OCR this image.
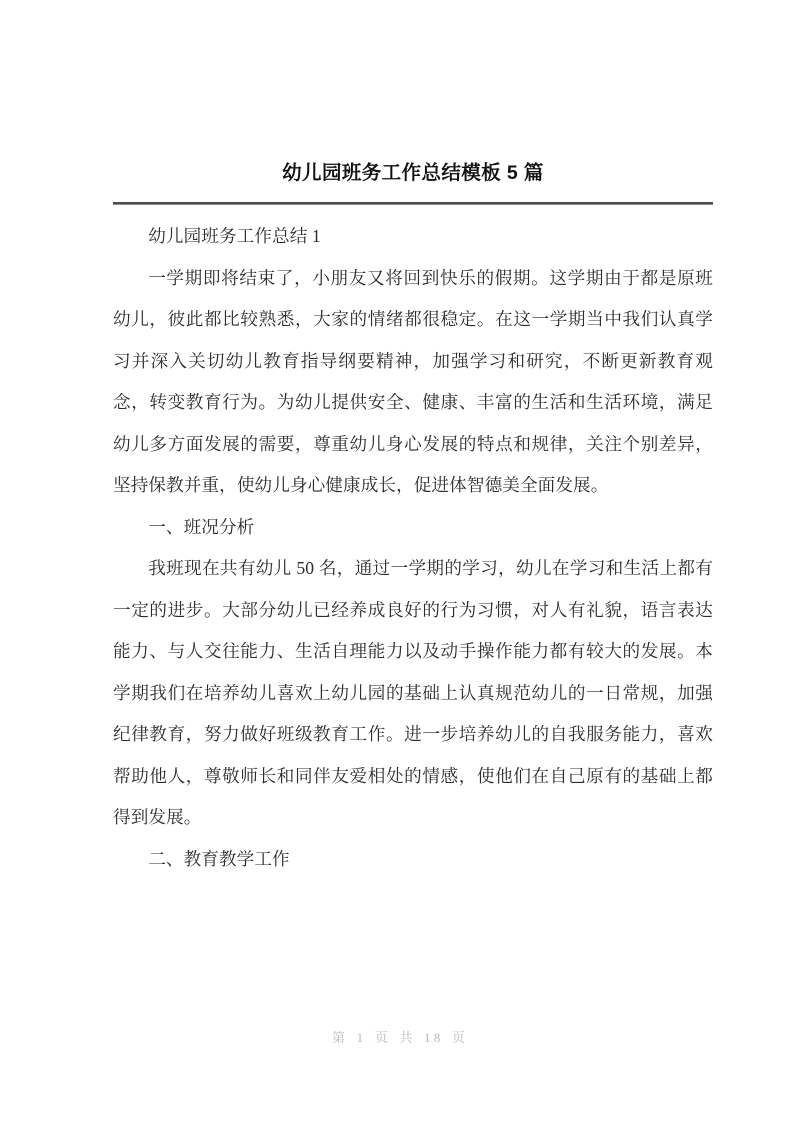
幼儿园班务工作总结模板 5 篇

幼儿园班务工作总结 1

一学期即将结束了，小朋友又将回到快乐的假期。这学期由于都是原班幼儿，彼此都比较熟悉，大家的情绪都很稳定。在这一学期当中我们认真学习并深入关切幼儿教育指导纲要精神，加强学习和研究，不断更新教育观念，转变教育行为。为幼儿提供安全、健康、丰富的生活和生活环境，满足幼儿多方面发展的需要，尊重幼儿身心发展的特点和规律，关注个别差异，坚持保教并重，使幼儿身心健康成长，促进体智德美全面发展。

一、班况分析

我班现在共有幼儿 50 名，通过一学期的学习，幼儿在学习和生活上都有一定的进步。大部分幼儿已经养成良好的行为习惯，对人有礼貌，语言表达能力、与人交往能力、生活自理能力以及动手操作能力都有较大的发展。本学期我们在培养幼儿喜欢上幼儿园的基础上认真规范幼儿的一日常规，加强纪律教育，努力做好班级教育工作。进一步培养幼儿的自我服务能力，喜欢帮助他人，尊敬师长和同伴友爱相处的情感，使他们在自己原有的基础上都得到发展。

二、教育教学工作

第 1 页 共 18 页
